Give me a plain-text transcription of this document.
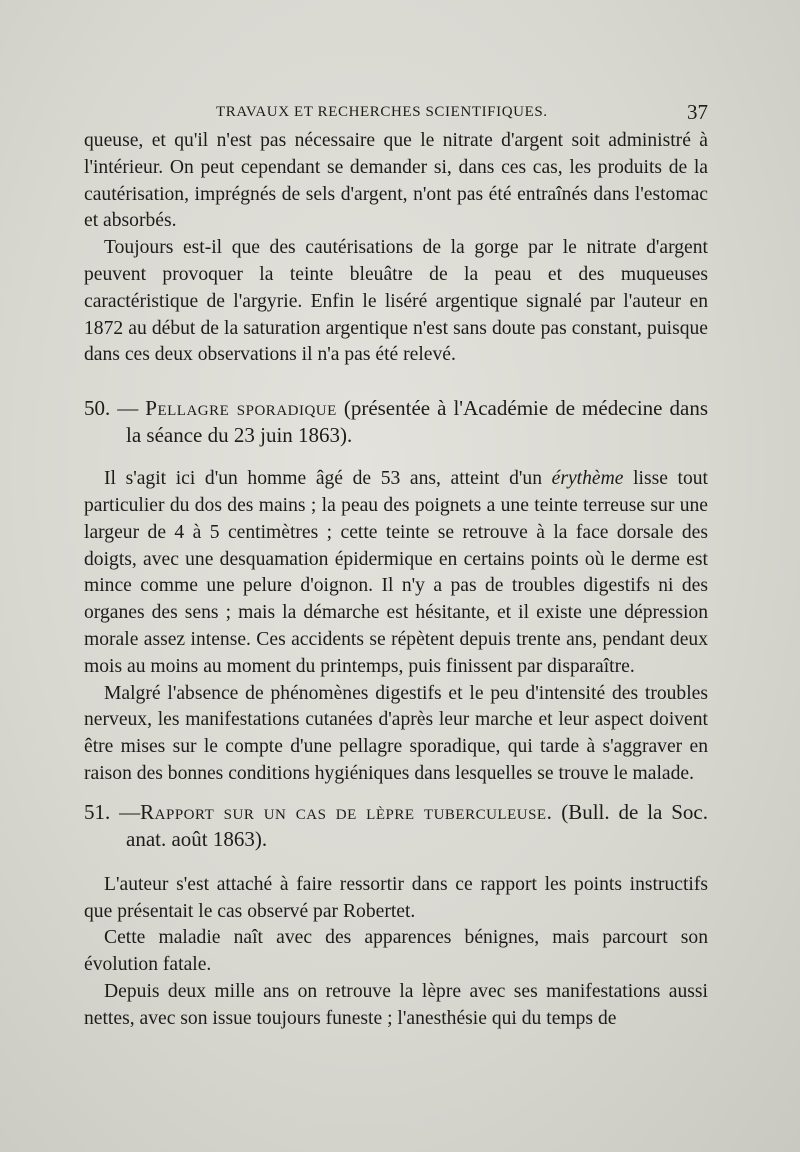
TRAVAUX ET RECHERCHES SCIENTIFIQUES.	37

queuse, et qu'il n'est pas nécessaire que le nitrate d'argent soit administré à l'intérieur. On peut cependant se demander si, dans ces cas, les produits de la cautérisation, imprégnés de sels d'argent, n'ont pas été entraînés dans l'estomac et absorbés.

Toujours est-il que des cautérisations de la gorge par le nitrate d'argent peuvent provoquer la teinte bleuâtre de la peau et des muqueuses caractéristique de l'argyrie. Enfin le liséré argentique signalé par l'auteur en 1872 au début de la saturation argentique n'est sans doute pas constant, puisque dans ces deux observations il n'a pas été relevé.

50. — Pellagre sporadique (présentée à l'Académie de médecine dans la séance du 23 juin 1863).

Il s'agit ici d'un homme âgé de 53 ans, atteint d'un érythème lisse tout particulier du dos des mains ; la peau des poignets a une teinte terreuse sur une largeur de 4 à 5 centimètres ; cette teinte se retrouve à la face dorsale des doigts, avec une desquamation épidermique en certains points où le derme est mince comme une pelure d'oignon. Il n'y a pas de troubles digestifs ni des organes des sens ; mais la démarche est hésitante, et il existe une dépression morale assez intense. Ces accidents se répètent depuis trente ans, pendant deux mois au moins au moment du printemps, puis finissent par disparaître.

Malgré l'absence de phénomènes digestifs et le peu d'intensité des troubles nerveux, les manifestations cutanées d'après leur marche et leur aspect doivent être mises sur le compte d'une pellagre sporadique, qui tarde à s'aggraver en raison des bonnes conditions hygiéniques dans lesquelles se trouve le malade.

51. —Rapport sur un cas de lèpre tuberculeuse. (Bull. de la Soc. anat. août 1863).

L'auteur s'est attaché à faire ressortir dans ce rapport les points instructifs que présentait le cas observé par Robertet.

Cette maladie naît avec des apparences bénignes, mais parcourt son évolution fatale.

Depuis deux mille ans on retrouve la lèpre avec ses manifestations aussi nettes, avec son issue toujours funeste ; l'anesthésie qui du temps de
